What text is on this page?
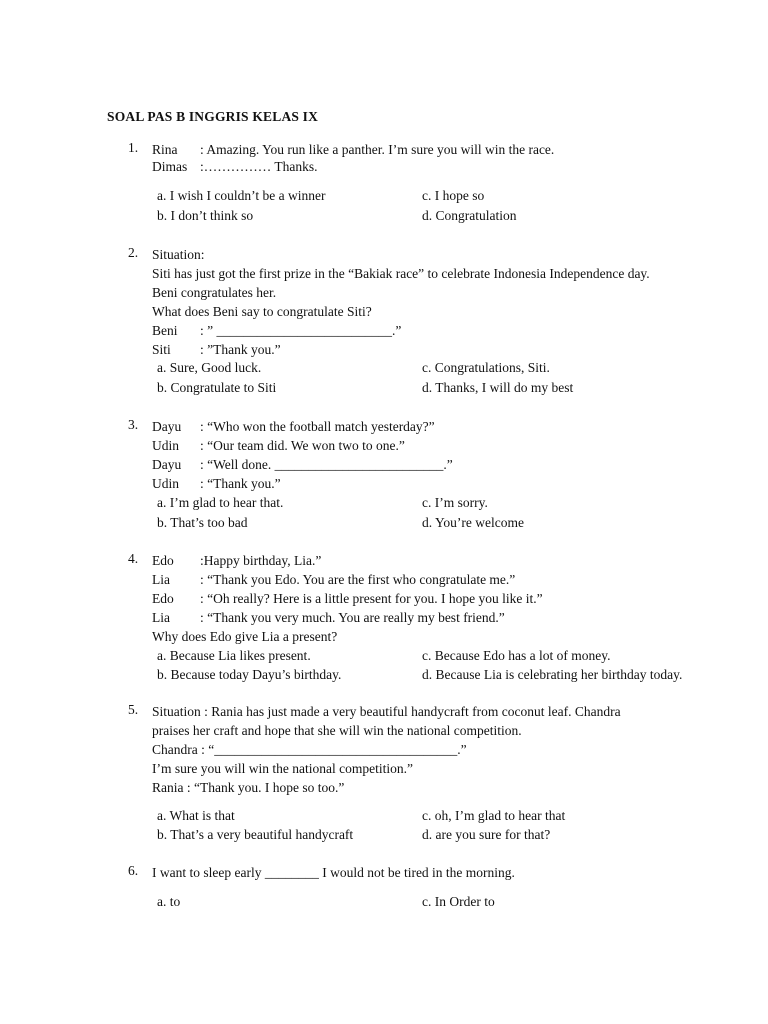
SOAL PAS B INGGRIS KELAS IX
1.	Rina : Amazing. You run like a panther. I’m sure you will win the race.
Dimas :…………… Thanks.
a. I wish I couldn’t be a winner	c. I hope so
b. I don’t think so	d. Congratulation
2.	Situation:
Siti has just got the first prize in the “Bakiak race” to celebrate Indonesia Independence day.
Beni congratulates her.
What does Beni say to congratulate Siti?
Beni : ” __________________________.”
Siti : ”Thank you.”
a. Sure, Good luck.	c. Congratulations, Siti.
b. Congratulate to Siti	d. Thanks, I will do my best
3.	Dayu : “Who won the football match yesterday?”
Udin : “Our team did. We won two to one.”
Dayu : “Well done. _________________________.”
Udin : “Thank you.”
a. I’m glad to hear that.	c. I’m sorry.
b. That’s too bad	d. You’re welcome
4.	Edo :Happy birthday, Lia.”
Lia : “Thank you Edo. You are the first who congratulate me.”
Edo : “Oh really? Here is a little present for you. I hope you like it.”
Lia : “Thank you very much. You are really my best friend.”
Why does Edo give Lia a present?
a. Because Lia likes present.	c. Because Edo has a lot of money.
b. Because today Dayu’s birthday.	d. Because Lia is celebrating her birthday today.
5.	Situation : Rania has just made a very beautiful handycraft from coconut leaf. Chandra
praises her craft and hope that she will win the national competition.
Chandra : “____________________________________.”
I’m sure you will win the national competition.”
Rania : “Thank you. I hope so too.”
a. What is that	c. oh, I’m glad to hear that
b. That’s a very beautiful handycraft	d. are you sure for that?
6.	I want to sleep early ________ I would not be tired in the morning.
a. to	c. In Order to
